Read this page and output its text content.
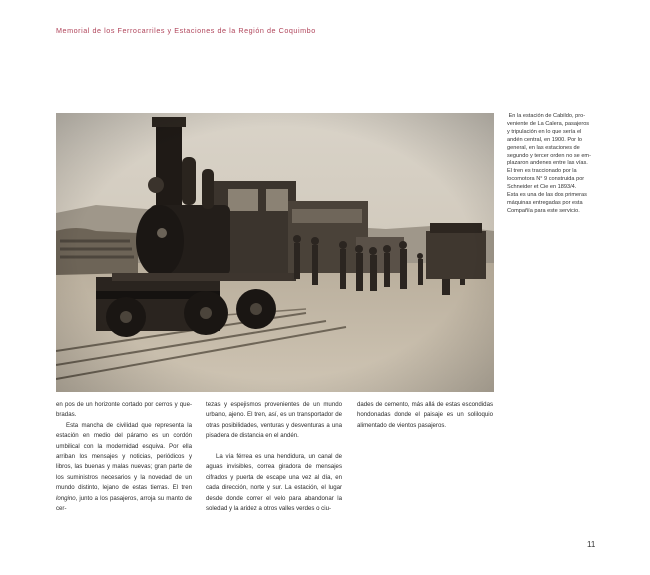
Memorial de los Ferrocarriles y Estaciones de la Región de Coquimbo

En la estación de Cabildo, pro-

veniente de La Calera, pasajeros

y tripulación en lo que sería el

andén central, en 1900. Por lo

general, en las estaciones de

segundo y tercer orden no se em-

plazaron andenes entre las vías.

El tren es traccionado por la

locomotora N° 9 construida por

Schneider et Cie en 1893/4.

Esta es una de las dos primeras

máquinas entregadas por esta

Compañía para este servicio.

en pos de un horizonte cortado por cerros y que-bradas.

Esta mancha de civilidad que representa la estación en medio del páramo es un cordón umbilical con la modernidad esquiva. Por ella arriban los mensajes y noticias, periódicos y libros, las buenas y malas nuevas; gran parte de los suministros necesarios y la novedad de un mundo distinto, lejano de estas tierras. El tren longino, junto a los pasajeros, arroja su manto de cer-

tezas y espejismos provenientes de un mundo urbano, ajeno. El tren, así, es un transportador de otras posibilidades, venturas y desventuras a una pisadera de distancia en el andén.

La vía férrea es una hendidura, un canal de aguas invisibles, correa giradora de mensajes cifrados y puerta de escape una vez al día, en cada dirección, norte y sur. La estación, el lugar desde donde correr el velo para abandonar la soledad y la aridez a otros valles verdes o ciu-

dades de cemento, más allá de estas escondidas hondonadas donde el paisaje es un soliloquio alimentado de vientos pasajeros.

11
